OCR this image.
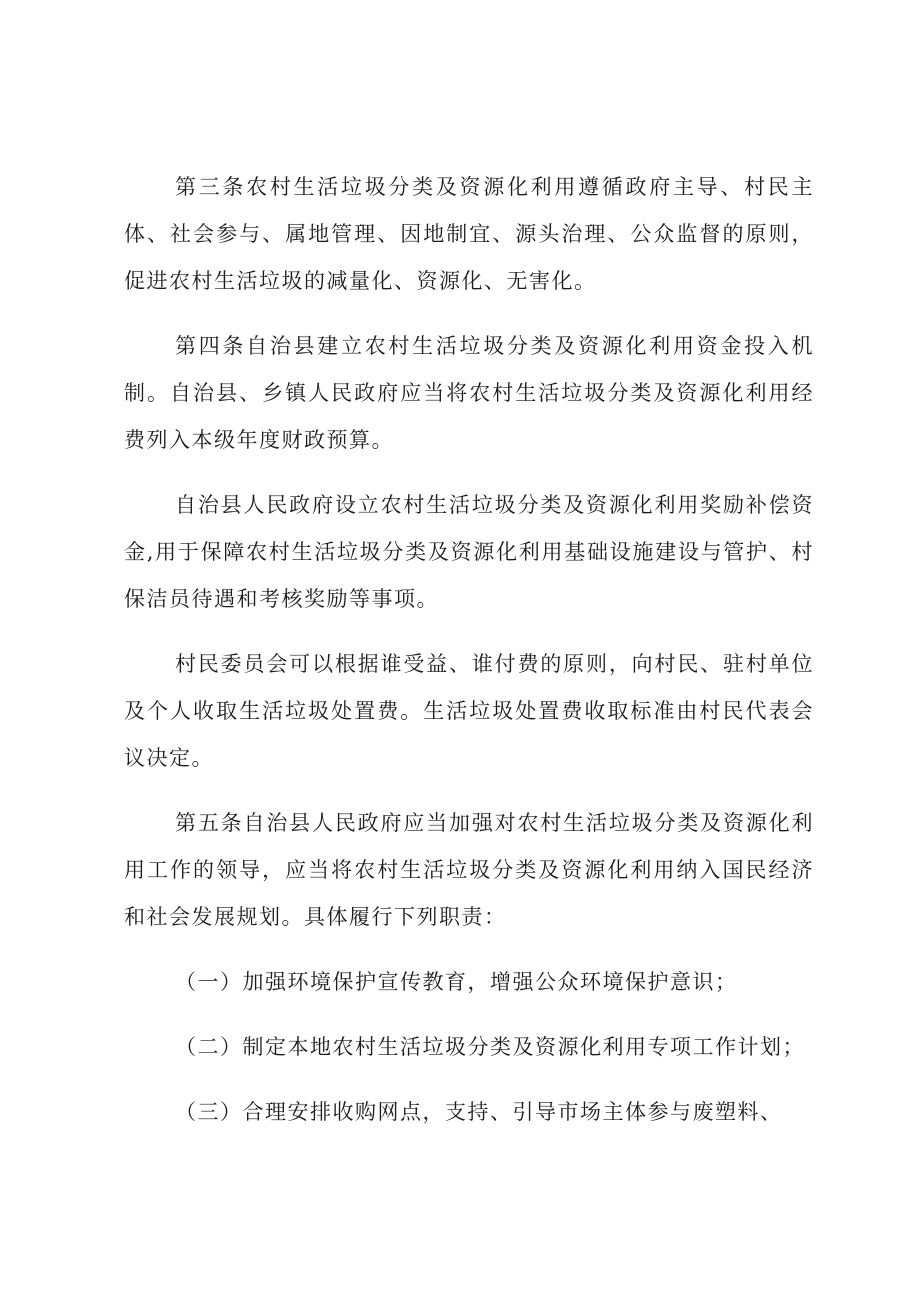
第三条农村生活垃圾分类及资源化利用遵循政府主导、村民主体、社会参与、属地管理、因地制宜、源头治理、公众监督的原则，促进农村生活垃圾的减量化、资源化、无害化。

第四条自治县建立农村生活垃圾分类及资源化利用资金投入机制。自治县、乡镇人民政府应当将农村生活垃圾分类及资源化利用经费列入本级年度财政预算。

自治县人民政府设立农村生活垃圾分类及资源化利用奖励补偿资金,用于保障农村生活垃圾分类及资源化利用基础设施建设与管护、村保洁员待遇和考核奖励等事项。

村民委员会可以根据谁受益、谁付费的原则，向村民、驻村单位及个人收取生活垃圾处置费。生活垃圾处置费收取标准由村民代表会议决定。

第五条自治县人民政府应当加强对农村生活垃圾分类及资源化利用工作的领导，应当将农村生活垃圾分类及资源化利用纳入国民经济和社会发展规划。具体履行下列职责：

（一）加强环境保护宣传教育，增强公众环境保护意识；

（二）制定本地农村生活垃圾分类及资源化利用专项工作计划；

（三）合理安排收购网点，支持、引导市场主体参与废塑料、
